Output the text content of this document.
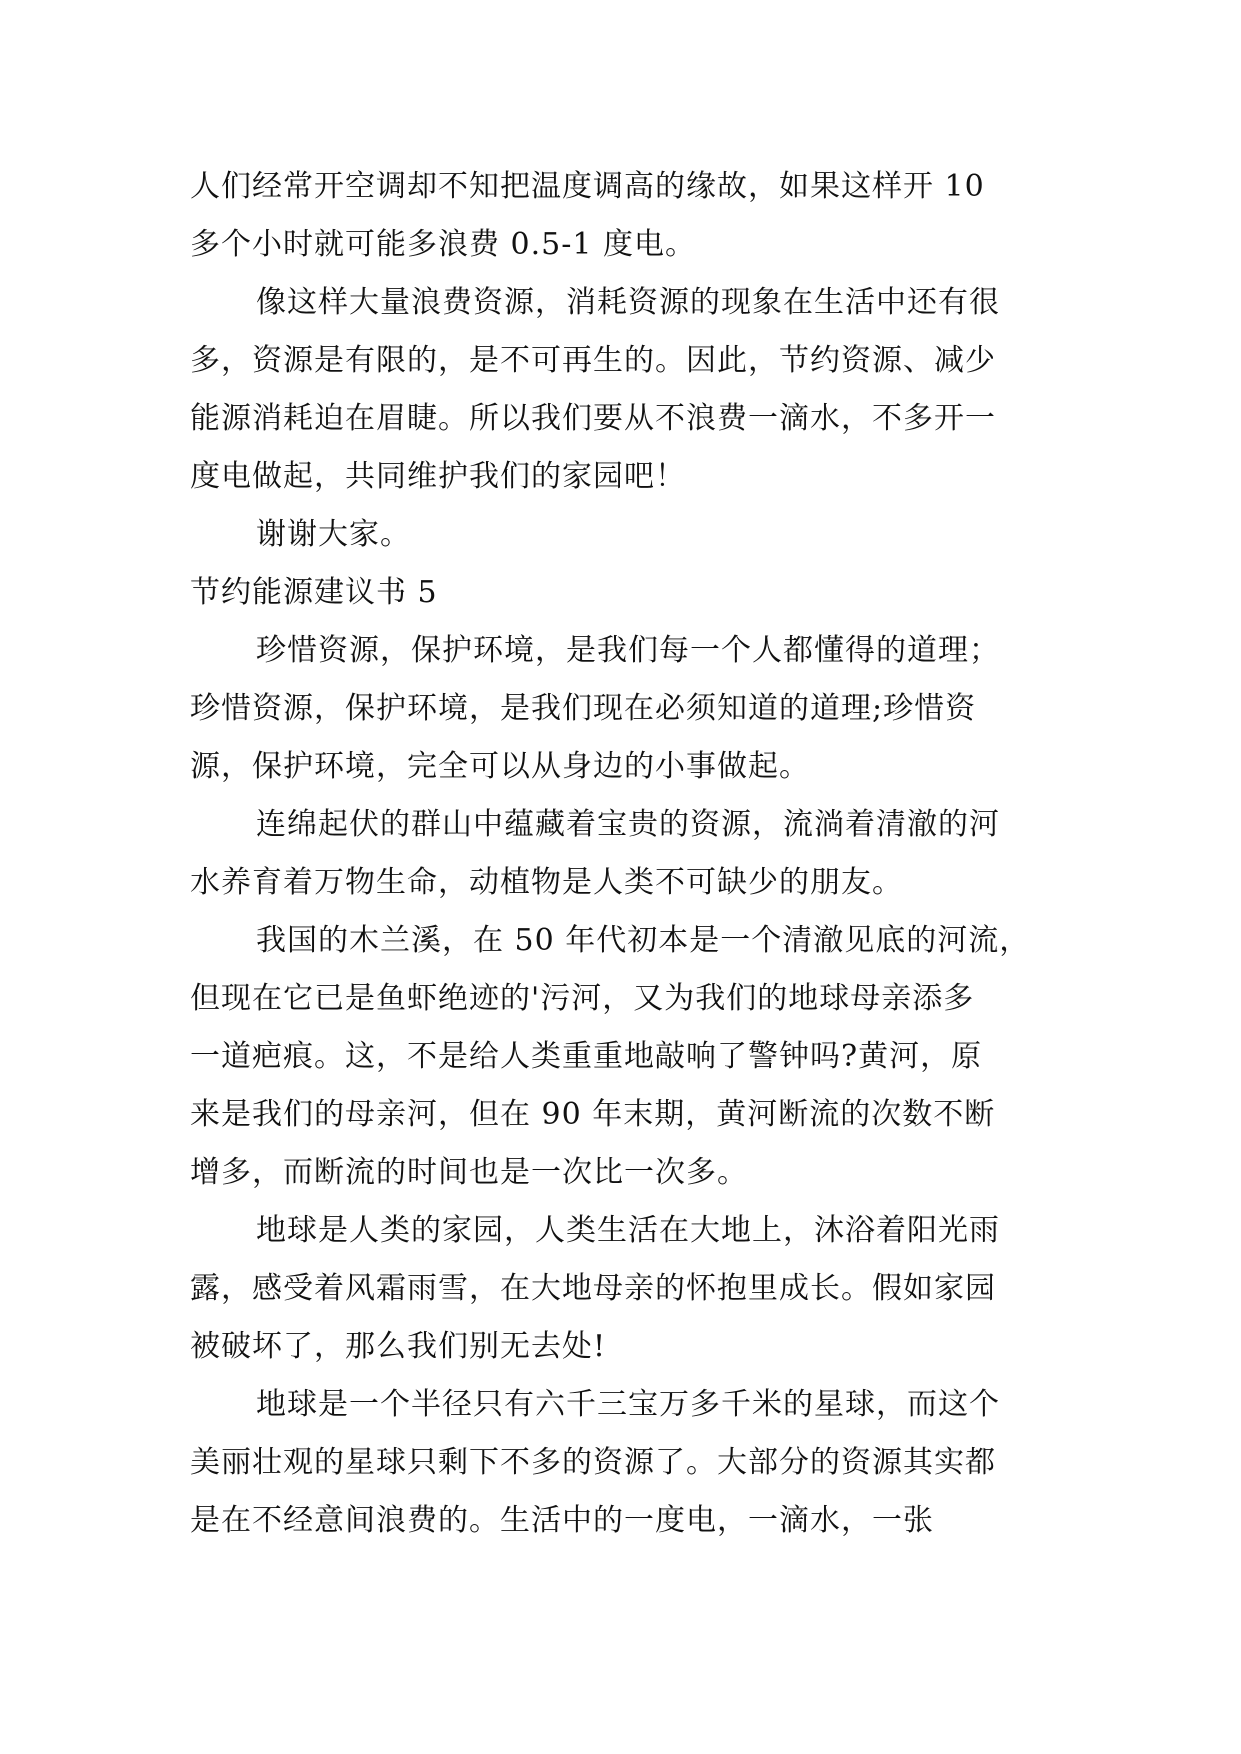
人们经常开空调却不知把温度调高的缘故，如果这样开 10
多个小时就可能多浪费 0.5-1 度电。
像这样大量浪费资源，消耗资源的现象在生活中还有很
多，资源是有限的，是不可再生的。因此，节约资源、减少
能源消耗迫在眉睫。所以我们要从不浪费一滴水，不多开一
度电做起，共同维护我们的家园吧！
谢谢大家。
节约能源建议书 5
珍惜资源，保护环境，是我们每一个人都懂得的道理；
珍惜资源，保护环境，是我们现在必须知道的道理;珍惜资
源，保护环境，完全可以从身边的小事做起。
连绵起伏的群山中蕴藏着宝贵的资源，流淌着清澈的河
水养育着万物生命，动植物是人类不可缺少的朋友。
我国的木兰溪，在 50 年代初本是一个清澈见底的河流，
但现在它已是鱼虾绝迹的'污河，又为我们的地球母亲添多
一道疤痕。这，不是给人类重重地敲响了警钟吗?黄河，原
来是我们的母亲河，但在 90 年末期，黄河断流的次数不断
增多，而断流的时间也是一次比一次多。
地球是人类的家园，人类生活在大地上，沐浴着阳光雨
露，感受着风霜雨雪，在大地母亲的怀抱里成长。假如家园
被破坏了，那么我们别无去处!
地球是一个半径只有六千三宝万多千米的星球，而这个
美丽壮观的星球只剩下不多的资源了。大部分的资源其实都
是在不经意间浪费的。生活中的一度电，一滴水，一张
